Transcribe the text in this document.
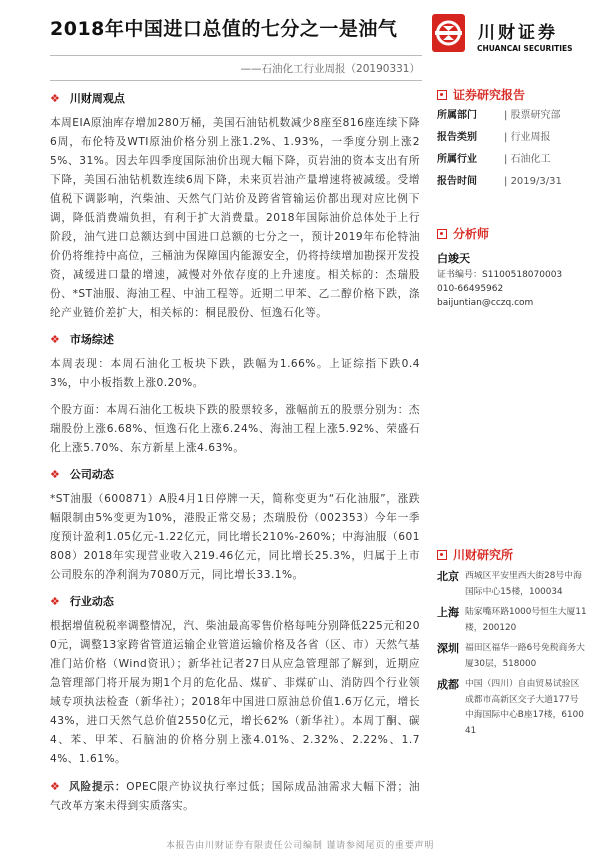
2018年中国进口总值的七分之一是油气
——石油化工行业周报（20190331）
川财证券
CHUANCAI SECURITIES
❖ 川财周观点
本周EIA原油库存增加280万桶，美国石油钻机数减少8座至816座连续下降6周，布伦特及WTI原油价格分别上涨1.2%、1.93%，一季度分别上涨25%、31%。因去年四季度国际油价出现大幅下降，页岩油的资本支出有所下降，美国石油钻机数连续6周下降，未来页岩油产量增速将被减缓。受增值税下调影响，汽柴油、天然气门站价及跨省管输运价都出现对应比例下调，降低消费端负担，有利于扩大消费量。2018年国际油价总体处于上行阶段，油气进口总额达到中国进口总额的七分之一，预计2019年布伦特油价仍将维持中高位，三桶油为保障国内能源安全，仍将持续增加勘探开发投资，减缓进口量的增速，减慢对外依存度的上升速度。相关标的：杰瑞股份、*ST油服、海油工程、中油工程等。近期二甲苯、乙二醇价格下跌，涤纶产业链价差扩大，相关标的：桐昆股份、恒逸石化等。
❖ 市场综述
本周表现：本周石油化工板块下跌，跌幅为1.66%。上证综指下跌0.43%，中小板指数上涨0.20%。
个股方面：本周石油化工板块下跌的股票较多，涨幅前五的股票分别为：杰瑞股份上涨6.68%、恒逸石化上涨6.24%、海油工程上涨5.92%、荣盛石化上涨5.70%、东方新星上涨4.63%。
❖ 公司动态
*ST油服（600871）A股4月1日停牌一天，简称变更为“石化油服”，涨跌幅限制由5%变更为10%，港股正常交易；杰瑞股份（002353）今年一季度预计盈利1.05亿元-1.22亿元，同比增长210%-260%；中海油服（601808）2018年实现营业收入219.46亿元，同比增长25.3%，归属于上市公司股东的净利润为7080万元，同比增长33.1%。
❖ 行业动态
根据增值税税率调整情况，汽、柴油最高零售价格每吨分别降低225元和200元，调整13家跨省管道运输企业管道运输价格及各省（区、市）天然气基准门站价格（Wind资讯）；新华社记者27日从应急管理部了解到，近期应急管理部门将开展为期1个月的危化品、煤矿、非煤矿山、消防四个行业领域专项执法检查（新华社）；2018年中国进口原油总价值1.6万亿元，增长43%，进口天然气总价值2550亿元，增长62%（新华社）。本周丁酮、碳4、苯、甲苯、石脑油的价格分别上涨4.01%、2.32%、2.22%、1.74%、1.61%。
❖ 风险提示：OPEC限产协议执行率过低；国际成品油需求大幅下滑；油气改革方案未得到实质落实。
证券研究报告
所属部门	| 股票研究部
报告类别	| 行业周报
所属行业	| 石油化工
报告时间	| 2019/3/31
分析师
白竣天
证书编号：S1100518070003
010-66495962
baijuntian@cczq.com
川财研究所
北京 西城区平安里西大街28号中海国际中心15楼，100034
上海 陆家嘴环路1000号恒生大厦11楼，200120
深圳 福田区福华一路6号免税商务大厦30层，518000
成都 中国（四川）自由贸易试验区成都市高新区交子大道177号中海国际中心B座17楼，610041
本报告由川财证券有限责任公司编制 谨请参阅尾页的重要声明
